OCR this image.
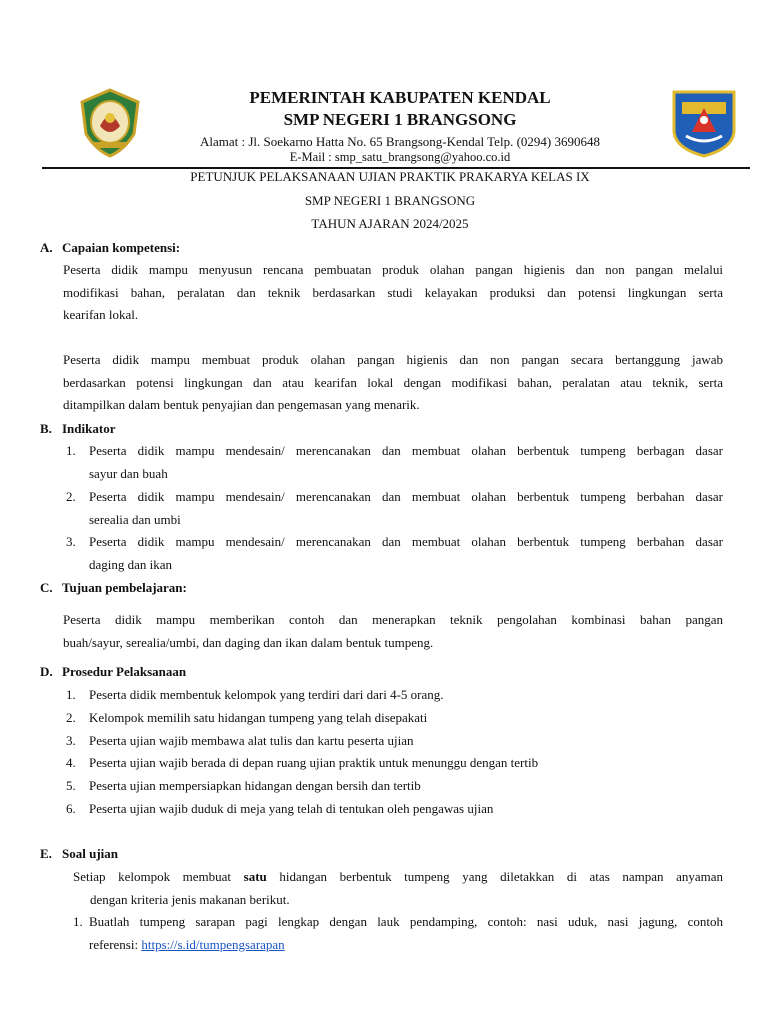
PEMERINTAH KABUPATEN KENDAL
SMP NEGERI 1 BRANGSONG
Alamat : Jl. Soekarno Hatta No. 65 Brangsong-Kendal Telp. (0294) 3690648
E-Mail : smp_satu_brangsong@yahoo.co.id
PETUNJUK PELAKSANAAN UJIAN PRAKTIK PRAKARYA KELAS IX
SMP NEGERI 1 BRANGSONG
TAHUN AJARAN 2024/2025
A. Capaian kompetensi:
Peserta didik mampu menyusun rencana pembuatan produk olahan pangan higienis dan non pangan melalui
modifikasi bahan, peralatan dan teknik berdasarkan studi kelayakan produksi dan potensi lingkungan serta
kearifan lokal.
Peserta didik mampu membuat produk olahan pangan higienis dan non pangan secara bertanggung jawab
berdasarkan potensi lingkungan dan atau kearifan lokal dengan modifikasi bahan, peralatan atau teknik, serta
ditampilkan dalam bentuk penyajian dan pengemasan yang menarik.
B. Indikator
1. Peserta didik mampu mendesain/ merencanakan dan membuat olahan berbentuk tumpeng berbagan dasar
sayur dan buah
2. Peserta didik mampu mendesain/ merencanakan dan membuat olahan berbentuk tumpeng berbahan dasar
serealia dan umbi
3. Peserta didik mampu mendesain/ merencanakan dan membuat olahan berbentuk tumpeng berbahan dasar
daging dan ikan
C. Tujuan pembelajaran:
Peserta didik mampu memberikan contoh dan menerapkan teknik pengolahan kombinasi bahan pangan
buah/sayur, serealia/umbi, dan daging dan ikan dalam bentuk tumpeng.
D. Prosedur Pelaksanaan
1. Peserta didik membentuk kelompok yang terdiri dari dari 4-5 orang.
2. Kelompok memilih satu hidangan tumpeng yang telah disepakati
3. Peserta ujian wajib membawa alat tulis dan kartu peserta ujian
4. Peserta ujian wajib berada di depan ruang ujian praktik untuk menunggu dengan tertib
5. Peserta ujian mempersiapkan hidangan dengan bersih dan tertib
6. Peserta ujian wajib duduk di meja yang telah di tentukan oleh pengawas ujian
E. Soal ujian
Setiap kelompok membuat satu hidangan berbentuk tumpeng yang diletakkan di atas nampan anyaman
dengan kriteria jenis makanan berikut.
1. Buatlah tumpeng sarapan pagi lengkap dengan lauk pendamping, contoh: nasi uduk, nasi jagung, contoh
referensi: https://s.id/tumpengsarapan
